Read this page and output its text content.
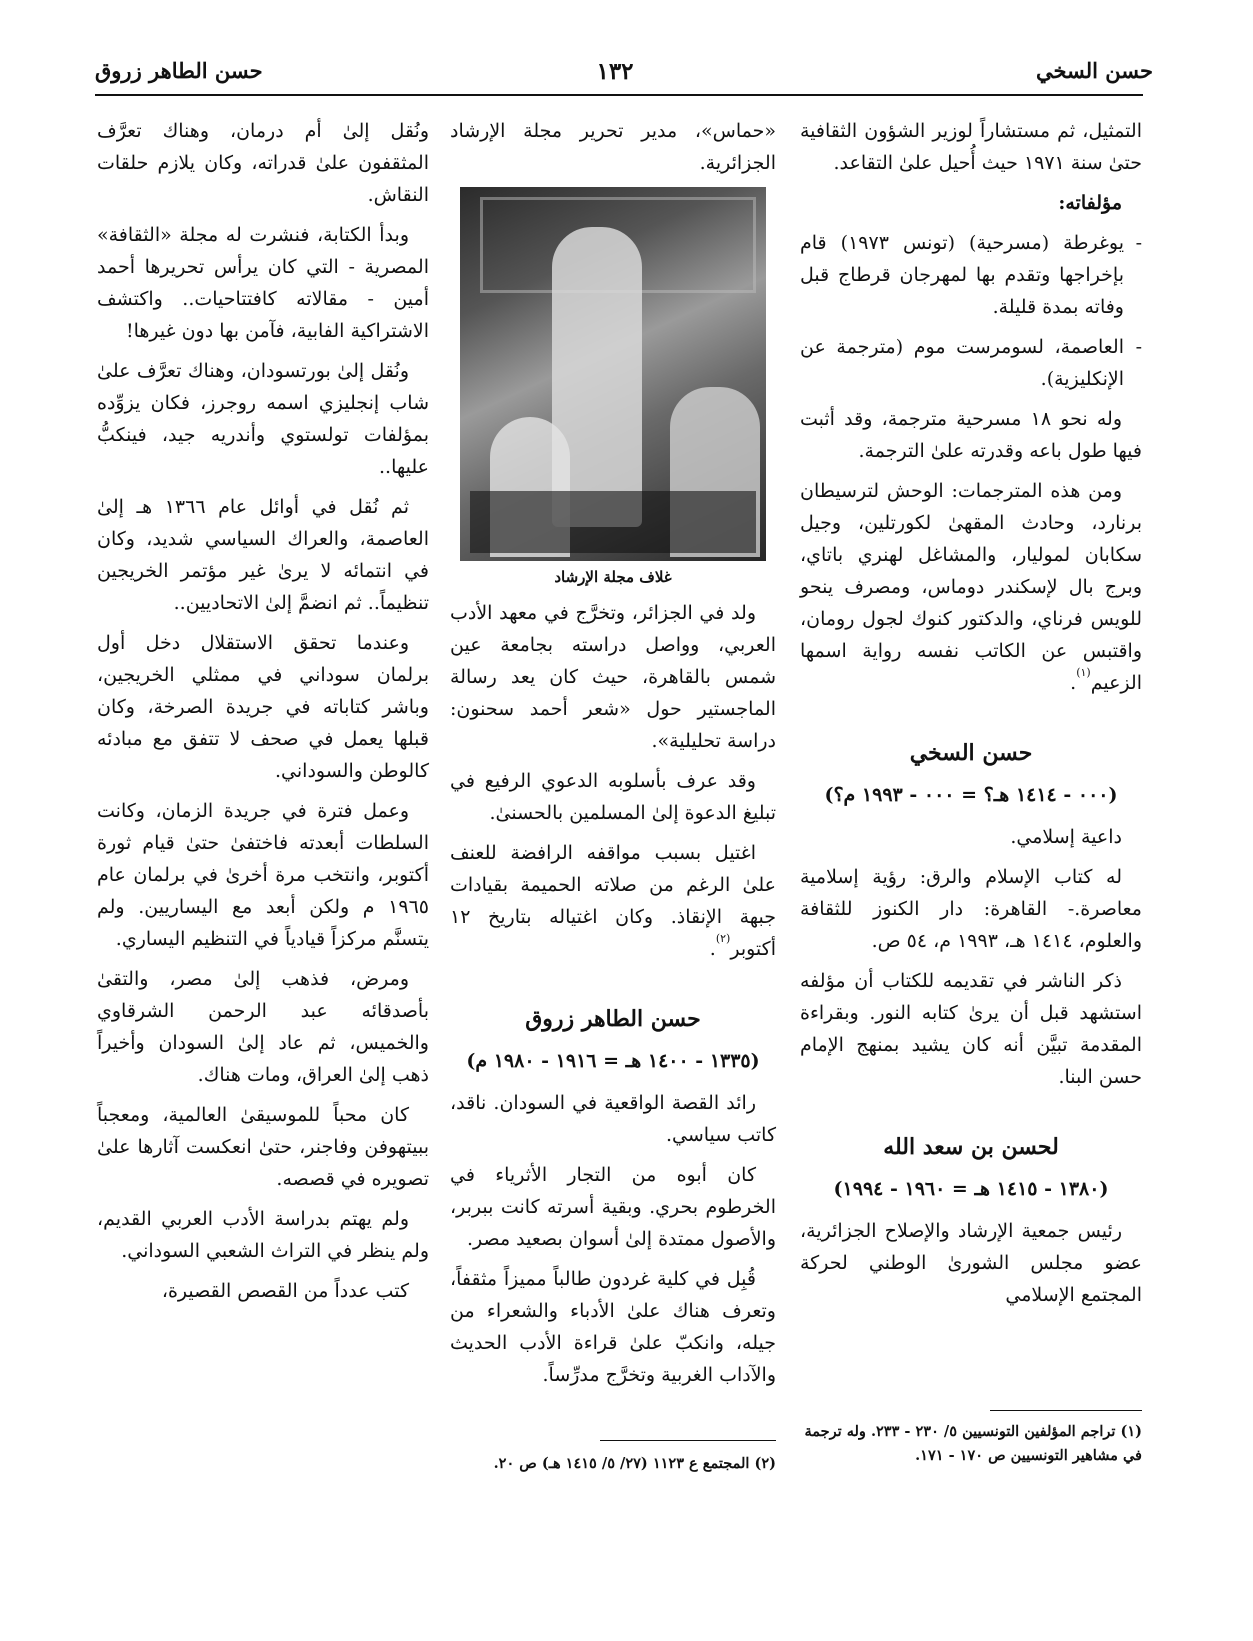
حسن السخي
١٣٢
حسن الطاهر زروق

التمثيل، ثم مستشاراً لوزير الشؤون الثقافية حتىٰ سنة ١٩٧١ حيث أُحيل علىٰ التقاعد.

مؤلفاته:

- يوغرطة (مسرحية) (تونس ١٩٧٣) قام بإخراجها وتقدم بها لمهرجان قرطاج قبل وفاته بمدة قليلة.
- العاصمة، لسومرست موم (مترجمة عن الإنكليزية).

وله نحو ١٨ مسرحية مترجمة، وقد أثبت فيها طول باعه وقدرته علىٰ الترجمة.

ومن هذه المترجمات: الوحش لترسيطان برنارد، وحادث المقهىٰ لكورتلين، وجيل سكابان لموليار، والمشاغل لهنري باتاي، وبرج بال لإسكندر دوماس، ومصرف ينحو للويس فرناي، والدكتور كنوك لجول رومان، واقتبس عن الكاتب نفسه رواية اسمها الزعيم$^{(١)}$.

حسن السخي
(٠٠٠ - ١٤١٤ هـ؟ = ٠٠٠ - ١٩٩٣ م؟)

داعية إسلامي.

له كتاب الإسلام والرق: رؤية إسلامية معاصرة.- القاهرة: دار الكنوز للثقافة والعلوم، ١٤١٤ هـ، ١٩٩٣ م، ٥٤ ص.

ذكر الناشر في تقديمه للكتاب أن مؤلفه استشهد قبل أن يرىٰ كتابه النور. وبقراءة المقدمة تبيَّن أنه كان يشيد بمنهج الإمام حسن البنا.

لحسن بن سعد الله
(١٣٨٠ - ١٤١٥ هـ = ١٩٦٠ - ١٩٩٤)

رئيس جمعية الإرشاد والإصلاح الجزائرية، عضو مجلس الشورىٰ الوطني لحركة المجتمع الإسلامي

(١) تراجم المؤلفين التونسيين ٥/ ٢٣٠ - ٢٣٣. وله ترجمة في مشاهير التونسيين ص ١٧٠ - ١٧١.

«حماس»، مدير تحرير مجلة الإرشاد الجزائرية.

غلاف مجلة الإرشاد

ولد في الجزائر، وتخرَّج في معهد الأدب العربي، وواصل دراسته بجامعة عين شمس بالقاهرة، حيث كان يعد رسالة الماجستير حول «شعر أحمد سحنون: دراسة تحليلية».

وقد عرف بأسلوبه الدعوي الرفيع في تبليغ الدعوة إلىٰ المسلمين بالحسنىٰ.

اغتيل بسبب مواقفه الرافضة للعنف علىٰ الرغم من صلاته الحميمة بقيادات جبهة الإنقاذ. وكان اغتياله بتاريخ ١٢ أكتوبر$^{(٢)}$.

حسن الطاهر زروق
(١٣٣٥ - ١٤٠٠ هـ = ١٩١٦ - ١٩٨٠ م)

رائد القصة الواقعية في السودان. ناقد، كاتب سياسي.

كان أبوه من التجار الأثرياء في الخرطوم بحري. وبقية أسرته كانت ببربر، والأصول ممتدة إلىٰ أسوان بصعيد مصر.

قُبِل في كلية غردون طالباً مميزاً مثقفاً، وتعرف هناك علىٰ الأدباء والشعراء من جيله، وانكبّ علىٰ قراءة الأدب الحديث والآداب الغربية وتخرَّج مدرِّساً.

(٢) المجتمع ع ١١٢٣ (٢٧/ ٥/ ١٤١٥ هـ) ص ٢٠.

ونُقل إلىٰ أم درمان، وهناك تعرَّف المثقفون علىٰ قدراته، وكان يلازم حلقات النقاش.

وبدأ الكتابة، فنشرت له مجلة «الثقافة» المصرية - التي كان يرأس تحريرها أحمد أمين - مقالاته كافتتاحيات.. واكتشف الاشتراكية الفابية، فآمن بها دون غيرها!

ونُقل إلىٰ بورتسودان، وهناك تعرَّف علىٰ شاب إنجليزي اسمه روجرز، فكان يزوِّده بمؤلفات تولستوي وأندريه جيد، فينكبُّ عليها..

ثم نُقل في أوائل عام ١٣٦٦ هـ إلىٰ العاصمة، والعراك السياسي شديد، وكان في انتمائه لا يرىٰ غير مؤتمر الخريجين تنظيماً.. ثم انضمَّ إلىٰ الاتحاديين..

وعندما تحقق الاستقلال دخل أول برلمان سوداني في ممثلي الخريجين، وباشر كتاباته في جريدة الصرخة، وكان قبلها يعمل في صحف لا تتفق مع مبادئه كالوطن والسوداني.

وعمل فترة في جريدة الزمان، وكانت السلطات أبعدته فاختفىٰ حتىٰ قيام ثورة أكتوبر، وانتخب مرة أخرىٰ في برلمان عام ١٩٦٥ م ولكن أبعد مع اليساريين. ولم يتسنَّم مركزاً قيادياً في التنظيم اليساري.

ومرض، فذهب إلىٰ مصر، والتقىٰ بأصدقائه عبد الرحمن الشرقاوي والخميس، ثم عاد إلىٰ السودان وأخيراً ذهب إلىٰ العراق، ومات هناك.

كان محباً للموسيقىٰ العالمية، ومعجباً ببيتهوفن وفاجنر، حتىٰ انعكست آثارها علىٰ تصويره في قصصه.

ولم يهتم بدراسة الأدب العربي القديم، ولم ينظر في التراث الشعبي السوداني.

كتب عدداً من القصص القصيرة،
